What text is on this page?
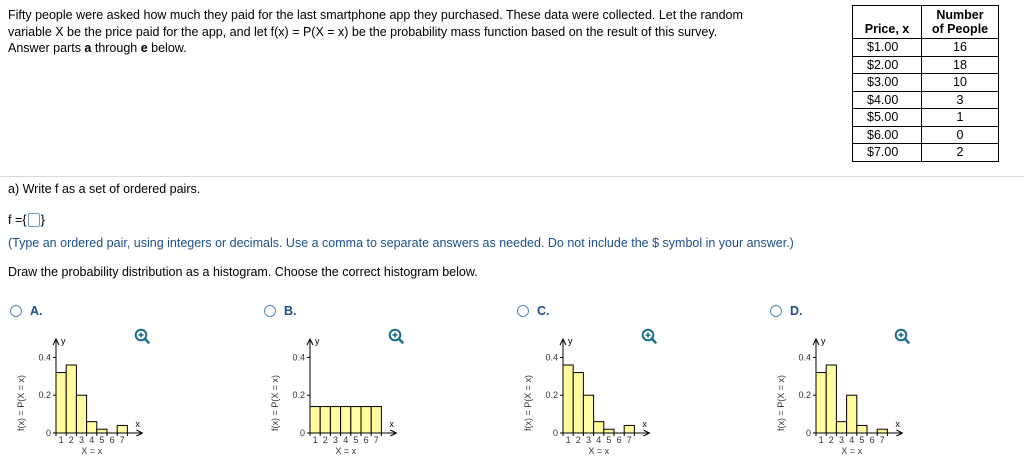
Fifty people were asked how much they paid for the last smartphone app they purchased. These data were collected. Let the random
variable X be the price paid for the app, and let f(x) = P(X = x) be the probability mass function based on the result of this survey.
Answer parts a through e below.

Price, x	Number
of People
$1.00	16
$2.00	18
$3.00	10
$4.00	3
$5.00	1
$6.00	0
$7.00	2
a) Write f as a set of ordered pairs.
f = { }
(Type an ordered pair, using integers or decimals. Use a comma to separate answers as needed. Do not include the $ symbol in your answer.)
Draw the probability distribution as a histogram. Choose the correct histogram below.
A.
f(x) = P(X = x)
y
x
0
0.2
0.4
1 2 3 4 5 6 7
X = x
B.
f(x) = P(X = x)
y
x
0
0.2
0.4
1 2 3 4 5 6 7
X = x
C.
f(x) = P(X = x)
y
x
0
0.2
0.4
1 2 3 4 5 6 7
X = x
D.
f(x) = P(X = x)
y
x
0
0.2
0.4
1 2 3 4 5 6 7
X = x
